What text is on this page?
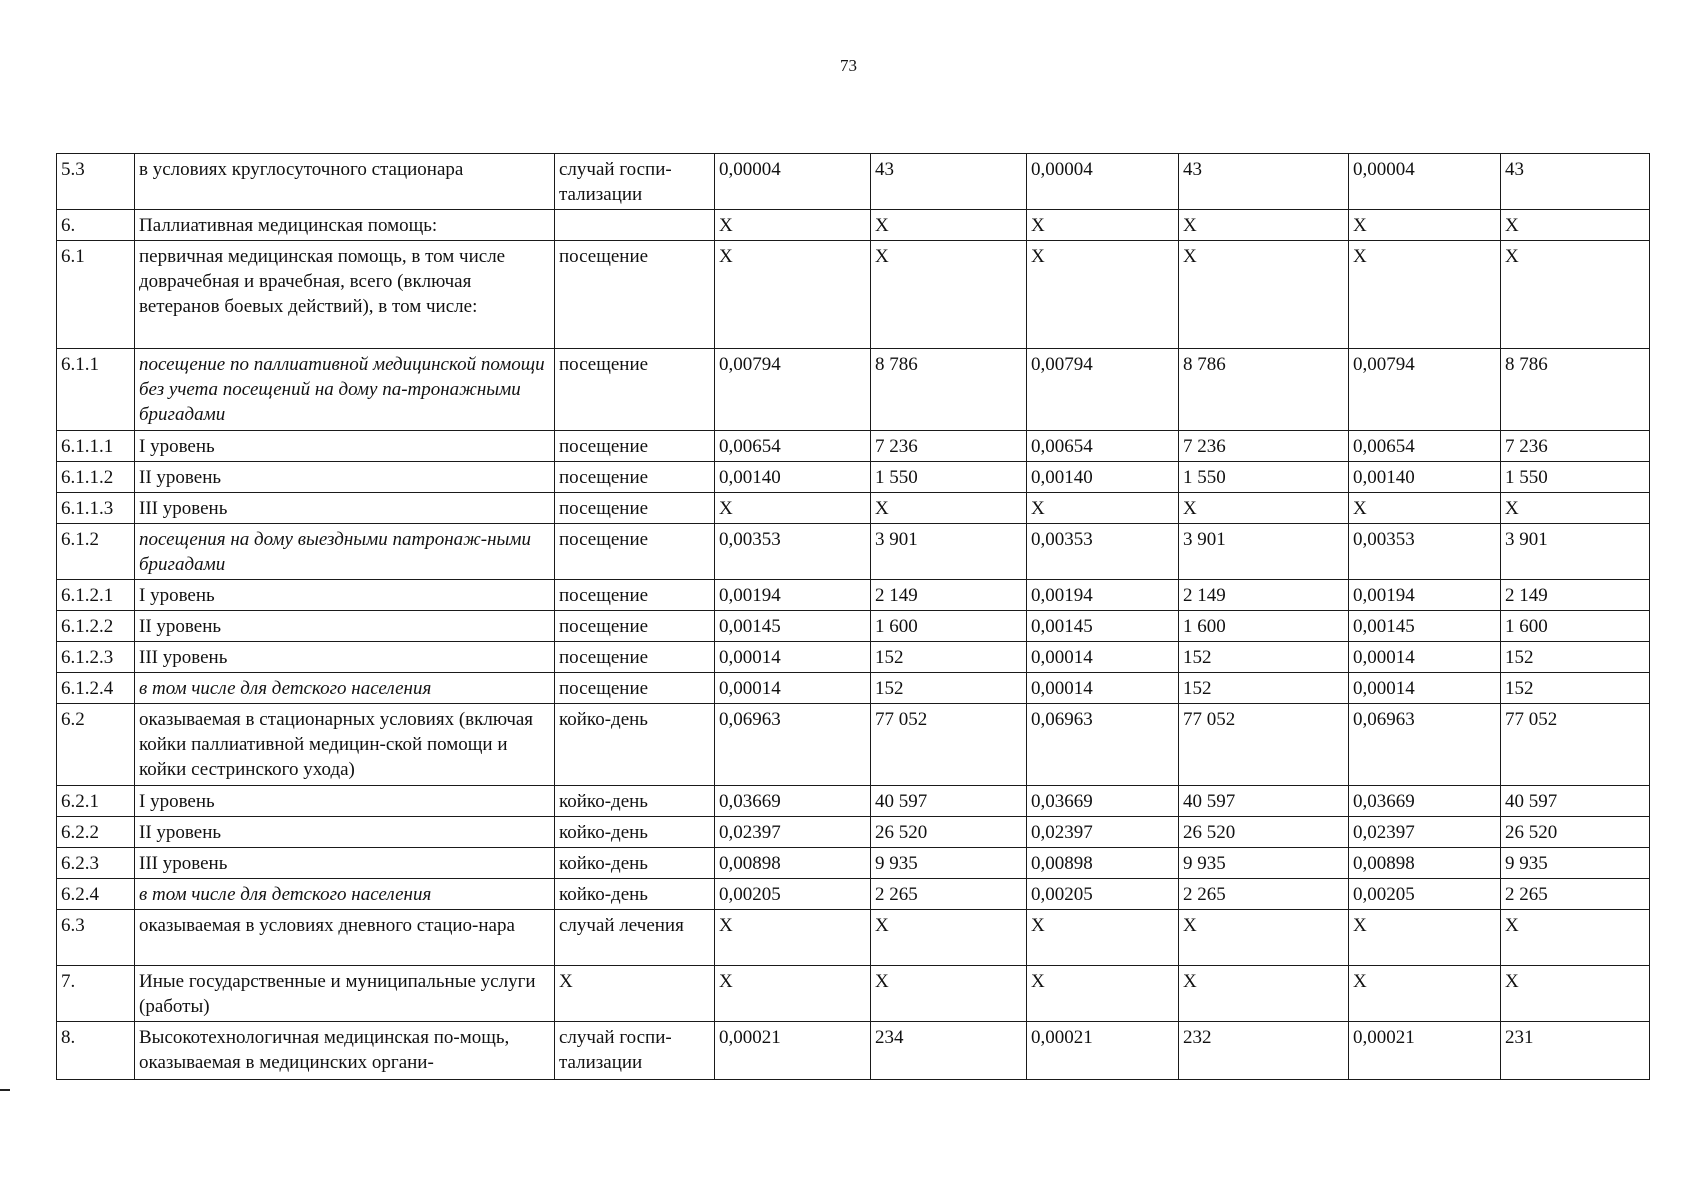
73
5.3	в условиях круглосуточного стационара	случай госпи-тализации	0,00004	43	0,00004	43	0,00004	43
6.	Паллиативная медицинская помощь:		Х	Х	Х	Х	Х	Х
6.1	первичная медицинская помощь, в том числе доврачебная и врачебная, всего (включая ветеранов боевых действий), в том числе:	посещение	Х	Х	Х	Х	Х	Х
6.1.1	посещение по паллиативной медицинской помощи без учета посещений на дому па-тронажными бригадами	посещение	0,00794	8 786	0,00794	8 786	0,00794	8 786
6.1.1.1	I уровень	посещение	0,00654	7 236	0,00654	7 236	0,00654	7 236
6.1.1.2	II уровень	посещение	0,00140	1 550	0,00140	1 550	0,00140	1 550
6.1.1.3	III уровень	посещение	Х	Х	Х	Х	Х	Х
6.1.2	посещения на дому выездными патронаж-ными бригадами	посещение	0,00353	3 901	0,00353	3 901	0,00353	3 901
6.1.2.1	I уровень	посещение	0,00194	2 149	0,00194	2 149	0,00194	2 149
6.1.2.2	II уровень	посещение	0,00145	1 600	0,00145	1 600	0,00145	1 600
6.1.2.3	III уровень	посещение	0,00014	152	0,00014	152	0,00014	152
6.1.2.4	в том числе для детского населения	посещение	0,00014	152	0,00014	152	0,00014	152
6.2	оказываемая в стационарных условиях (включая койки паллиативной медицин-ской помощи и койки сестринского ухода)	койко-день	0,06963	77 052	0,06963	77 052	0,06963	77 052
6.2.1	I уровень	койко-день	0,03669	40 597	0,03669	40 597	0,03669	40 597
6.2.2	II уровень	койко-день	0,02397	26 520	0,02397	26 520	0,02397	26 520
6.2.3	III уровень	койко-день	0,00898	9 935	0,00898	9 935	0,00898	9 935
6.2.4	в том числе для детского населения	койко-день	0,00205	2 265	0,00205	2 265	0,00205	2 265
6.3	оказываемая в условиях дневного стацио-нара	случай лечения	Х	Х	Х	Х	Х	Х
7.	Иные государственные и муниципальные услуги (работы)	Х	Х	Х	Х	Х	Х	Х
8.	Высокотехнологичная медицинская по-мощь, оказываемая в медицинских органи-	случай госпи-тализации	0,00021	234	0,00021	232	0,00021	231
